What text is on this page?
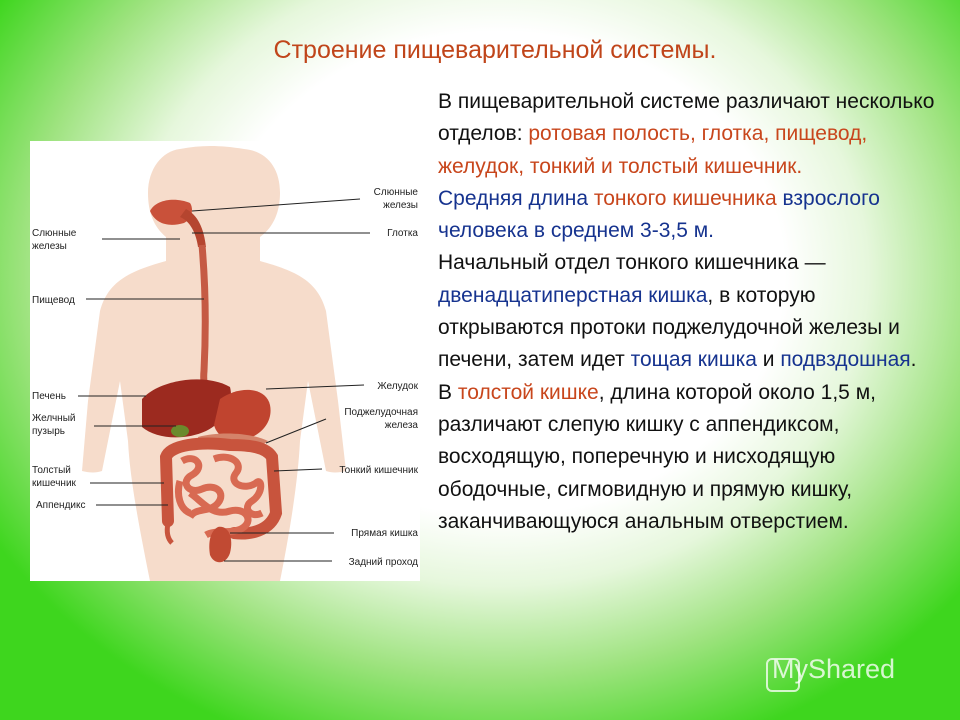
Строение пищеварительной системы.
Слюнные
железы
Пищевод
Печень
Желчный
пузырь
Толстый
кишечник
Аппендикс
Слюнные
железы
Глотка
Желудок
Поджелудочная
железа
Тонкий кишечник
Прямая кишка
Задний проход

В пищеварительной системе различают несколько отделов: ротовая полость, глотка, пищевод, желудок, тонкий и толстый кишечник.

Средняя длина тонкого кишечника взрослого человека в среднем 3-3,5 м.

Начальный отдел тонкого кишечника — двенадцатиперстная кишка, в которую открываются протоки поджелудочной железы и печени, затем идет тощая кишка и подвздошная.

В толстой кишке, длина которой около 1,5 м, различают слепую кишку с аппендиксом, восходящую, поперечную и нисходящую ободочные, сигмовидную и прямую кишку, заканчивающуюся анальным отверстием.

MyShared
